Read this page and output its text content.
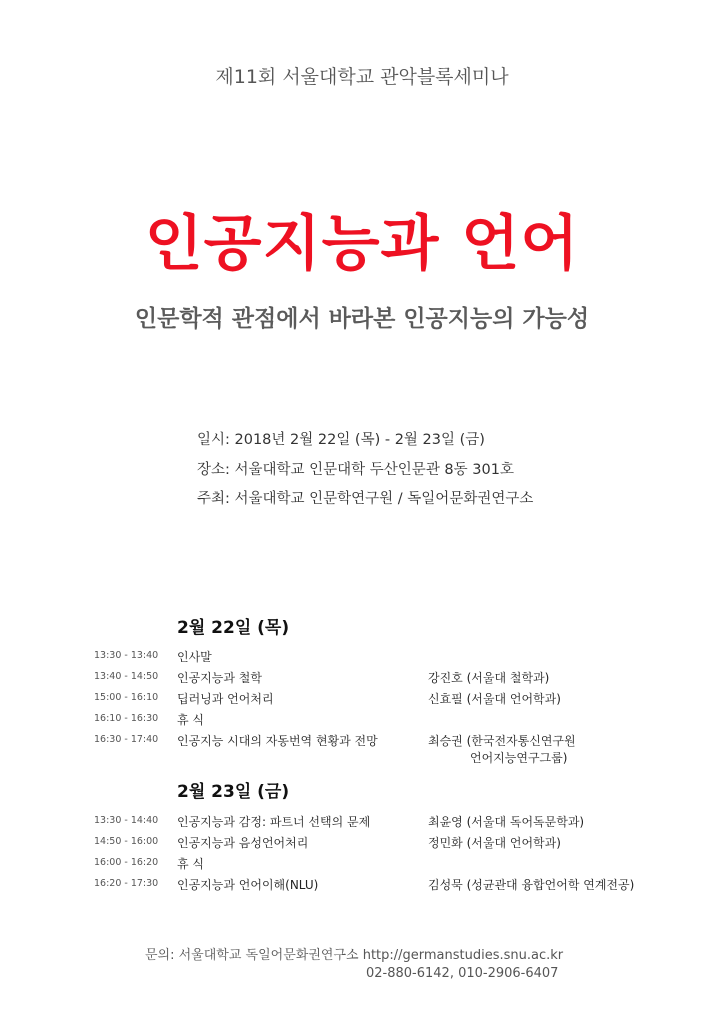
제11회 서울대학교 관악블록세미나
인공지능과 언어
인문학적 관점에서 바라본 인공지능의 가능성
일시: 2018년 2월 22일 (목) - 2월 23일 (금)
장소: 서울대학교 인문대학 두산인문관 8동 301호
주최: 서울대학교 인문학연구원 / 독일어문화권연구소
2월 22일 (목)
13:30 - 13:40 인사말
13:40 - 14:50 인공지능과 철학	강진호 (서울대 철학과)
15:00 - 16:10 딥러닝과 언어처리	신효필 (서울대 언어학과)
16:10 - 16:30 휴 식
16:30 - 17:40 인공지능 시대의 자동번역 현황과 전망	최승권 (한국전자통신연구원
언어지능연구그룹)
2월 23일 (금)
13:30 - 14:40 인공지능과 감정: 파트너 선택의 문제	최윤영 (서울대 독어독문학과)
14:50 - 16:00 인공지능과 음성언어처리	정민화 (서울대 언어학과)
16:00 - 16:20 휴 식
16:20 - 17:30 인공지능과 언어이해(NLU)	김성묵 (성균관대 융합언어학 연계전공)
문의: 서울대학교 독일어문화권연구소 http://germanstudies.snu.ac.kr
02-880-6142, 010-2906-6407
